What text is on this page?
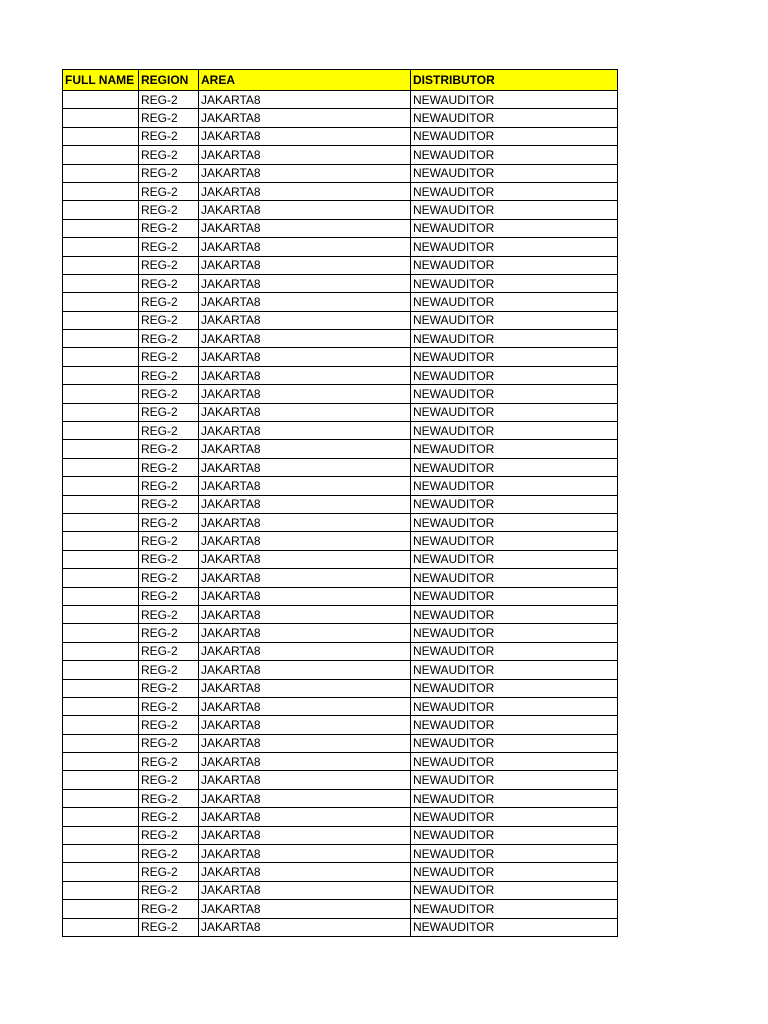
FULL NAME	REGION	AREA	DISTRIBUTOR
	REG-2	JAKARTA8	NEWAUDITOR
	REG-2	JAKARTA8	NEWAUDITOR
	REG-2	JAKARTA8	NEWAUDITOR
	REG-2	JAKARTA8	NEWAUDITOR
	REG-2	JAKARTA8	NEWAUDITOR
	REG-2	JAKARTA8	NEWAUDITOR
	REG-2	JAKARTA8	NEWAUDITOR
	REG-2	JAKARTA8	NEWAUDITOR
	REG-2	JAKARTA8	NEWAUDITOR
	REG-2	JAKARTA8	NEWAUDITOR
	REG-2	JAKARTA8	NEWAUDITOR
	REG-2	JAKARTA8	NEWAUDITOR
	REG-2	JAKARTA8	NEWAUDITOR
	REG-2	JAKARTA8	NEWAUDITOR
	REG-2	JAKARTA8	NEWAUDITOR
	REG-2	JAKARTA8	NEWAUDITOR
	REG-2	JAKARTA8	NEWAUDITOR
	REG-2	JAKARTA8	NEWAUDITOR
	REG-2	JAKARTA8	NEWAUDITOR
	REG-2	JAKARTA8	NEWAUDITOR
	REG-2	JAKARTA8	NEWAUDITOR
	REG-2	JAKARTA8	NEWAUDITOR
	REG-2	JAKARTA8	NEWAUDITOR
	REG-2	JAKARTA8	NEWAUDITOR
	REG-2	JAKARTA8	NEWAUDITOR
	REG-2	JAKARTA8	NEWAUDITOR
	REG-2	JAKARTA8	NEWAUDITOR
	REG-2	JAKARTA8	NEWAUDITOR
	REG-2	JAKARTA8	NEWAUDITOR
	REG-2	JAKARTA8	NEWAUDITOR
	REG-2	JAKARTA8	NEWAUDITOR
	REG-2	JAKARTA8	NEWAUDITOR
	REG-2	JAKARTA8	NEWAUDITOR
	REG-2	JAKARTA8	NEWAUDITOR
	REG-2	JAKARTA8	NEWAUDITOR
	REG-2	JAKARTA8	NEWAUDITOR
	REG-2	JAKARTA8	NEWAUDITOR
	REG-2	JAKARTA8	NEWAUDITOR
	REG-2	JAKARTA8	NEWAUDITOR
	REG-2	JAKARTA8	NEWAUDITOR
	REG-2	JAKARTA8	NEWAUDITOR
	REG-2	JAKARTA8	NEWAUDITOR
	REG-2	JAKARTA8	NEWAUDITOR
	REG-2	JAKARTA8	NEWAUDITOR
	REG-2	JAKARTA8	NEWAUDITOR
	REG-2	JAKARTA8	NEWAUDITOR
